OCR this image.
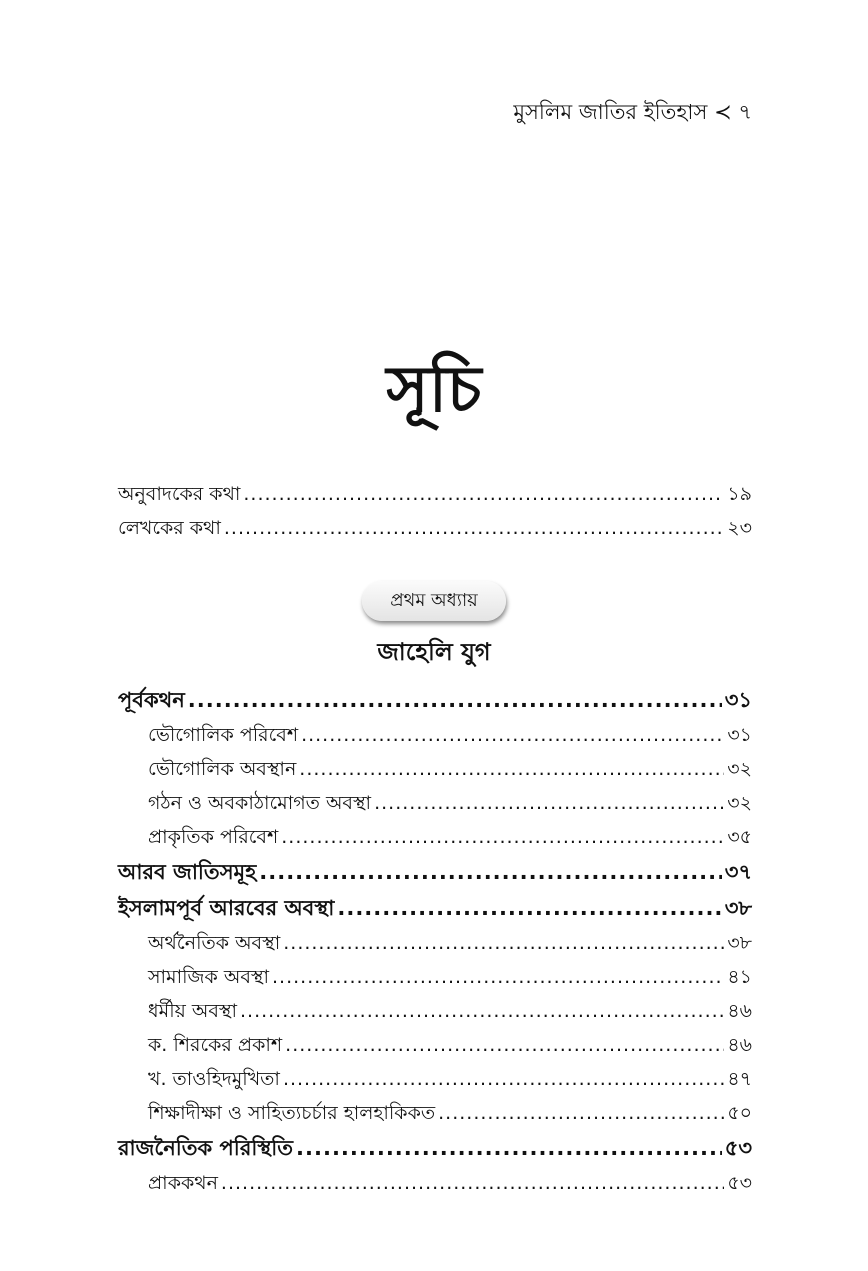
মুসলিম জাতির ইতিহাস ≺ ৭
সূচি
অনুবাদকের কথা .....	১৯
লেখকের কথা .....	২৩
প্রথম অধ্যায়
জাহেলি যুগ
পূর্বকথন .....	৩১
ভৌগোলিক পরিবেশ .....	৩১
ভৌগোলিক অবস্থান .....	৩২
গঠন ও অবকাঠামোগত অবস্থা .....	৩২
প্রাকৃতিক পরিবেশ .....	৩৫
আরব জাতিসমূহ .....	৩৭
ইসলামপূর্ব আরবের অবস্থা .....	৩৮
অর্থনৈতিক অবস্থা .....	৩৮
সামাজিক অবস্থা .....	৪১
ধর্মীয় অবস্থা .....	৪৬
ক. শিরকের প্রকাশ .....	৪৬
খ. তাওহিদমুখিতা .....	৪৭
শিক্ষাদীক্ষা ও সাহিত্যচর্চার হালহাকিকত .....	৫০
রাজনৈতিক পরিস্থিতি .....	৫৩
প্রাককথন .....	৫৩
